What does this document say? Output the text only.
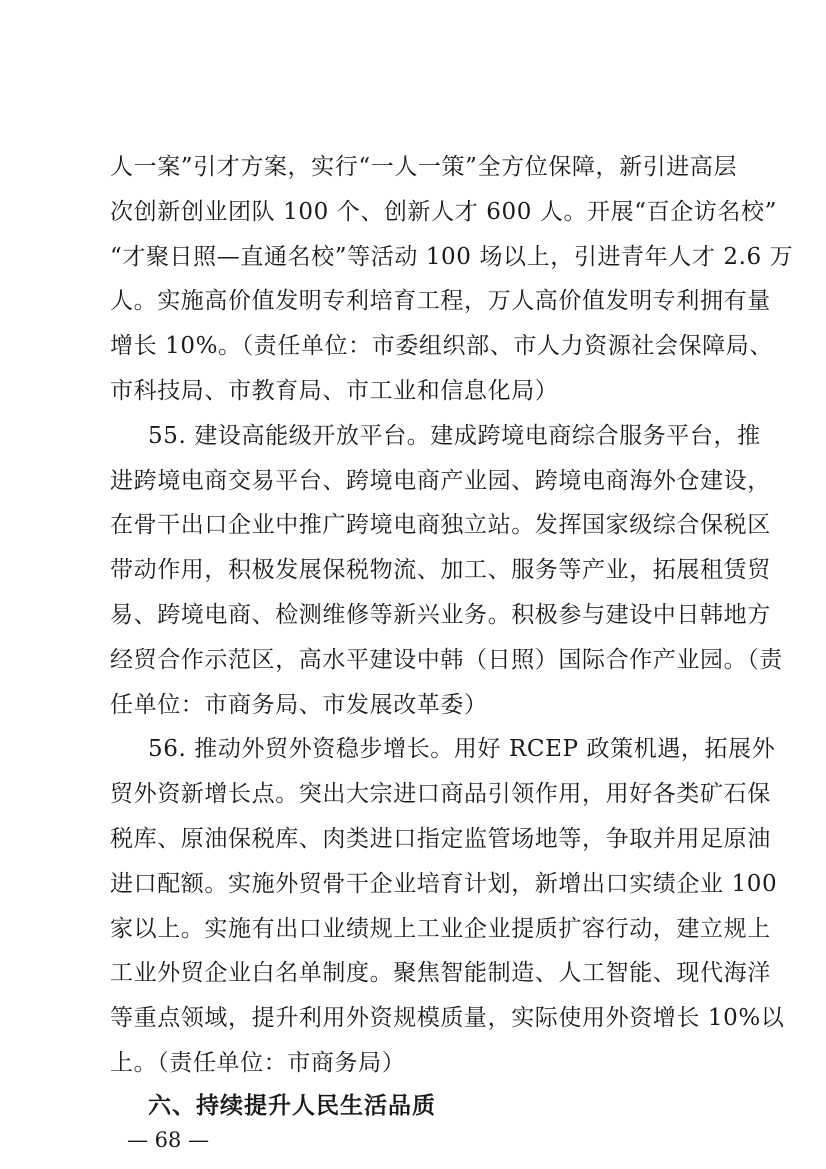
人一案”引才方案，实行“一人一策”全方位保障，新引进高层
次创新创业团队 100 个、创新人才 600 人。开展“百企访名校”
“才聚日照—直通名校”等活动 100 场以上，引进青年人才 2.6 万
人。实施高价值发明专利培育工程，万人高价值发明专利拥有量
增长 10%。（责任单位：市委组织部、市人力资源社会保障局、
市科技局、市教育局、市工业和信息化局）
55. 建设高能级开放平台。建成跨境电商综合服务平台，推
进跨境电商交易平台、跨境电商产业园、跨境电商海外仓建设，
在骨干出口企业中推广跨境电商独立站。发挥国家级综合保税区
带动作用，积极发展保税物流、加工、服务等产业，拓展租赁贸
易、跨境电商、检测维修等新兴业务。积极参与建设中日韩地方
经贸合作示范区，高水平建设中韩（日照）国际合作产业园。（责
任单位：市商务局、市发展改革委）
56. 推动外贸外资稳步增长。用好 RCEP 政策机遇，拓展外
贸外资新增长点。突出大宗进口商品引领作用，用好各类矿石保
税库、原油保税库、肉类进口指定监管场地等，争取并用足原油
进口配额。实施外贸骨干企业培育计划，新增出口实绩企业 100
家以上。实施有出口业绩规上工业企业提质扩容行动，建立规上
工业外贸企业白名单制度。聚焦智能制造、人工智能、现代海洋
等重点领域，提升利用外资规模质量，实际使用外资增长 10%以
六、持续提升人民生活品质
— 68 —
上。（责任单位：市商务局）
